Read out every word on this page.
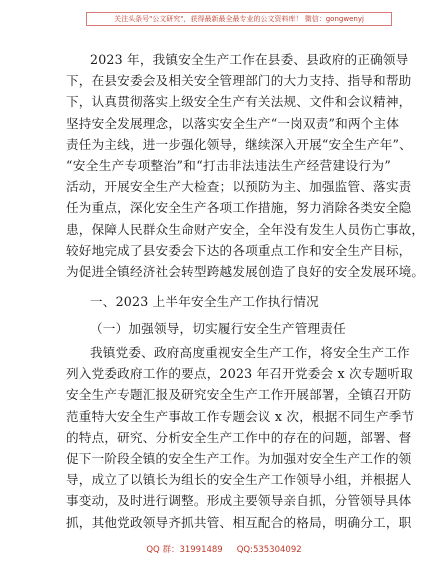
关注头条号"公文研究"，获得最新最全最专业的公文资料库！ 微信：gongwenyj
2023 年，我镇安全生产工作在县委、县政府的正确领导
下，在县安委会及相关安全管理部门的大力支持、指导和帮助
下，认真贯彻落实上级安全生产有关法规、文件和会议精神，
坚持安全发展理念，以落实安全生产“一岗双责”和两个主体
责任为主线，进一步强化领导，继续深入开展“安全生产年”、
“安全生产专项整治”和“打击非法违法生产经营建设行为”
活动，开展安全生产大检查；以预防为主、加强监管、落实责
任为重点，深化安全生产各项工作措施，努力消除各类安全隐
患，保障人民群众生命财产安全，全年没有发生人员伤亡事故，
较好地完成了县安委会下达的各项重点工作和安全生产目标，
为促进全镇经济社会转型跨越发展创造了良好的安全发展环境。
一、2023 上半年安全生产工作执行情况
（一）加强领导，切实履行安全生产管理责任
我镇党委、政府高度重视安全生产工作，将安全生产工作
列入党委政府工作的要点，2023 年召开党委会 x 次专题听取
安全生产专题汇报及研究安全生产工作开展部署，全镇召开防
范重特大安全生产事故工作专题会议 x 次，根据不同生产季节
的特点，研究、分析安全生产工作中的存在的问题，部署、督
促下一阶段全镇的安全生产工作。为加强对安全生产工作的领
导，成立了以镇长为组长的安全生产工作领导小组，并根据人
事变动，及时进行调整。形成主要领导亲自抓，分管领导具体
抓，其他党政领导齐抓共管、相互配合的格局，明确分工，职
QQ 群：31991489 QQ:535304092
